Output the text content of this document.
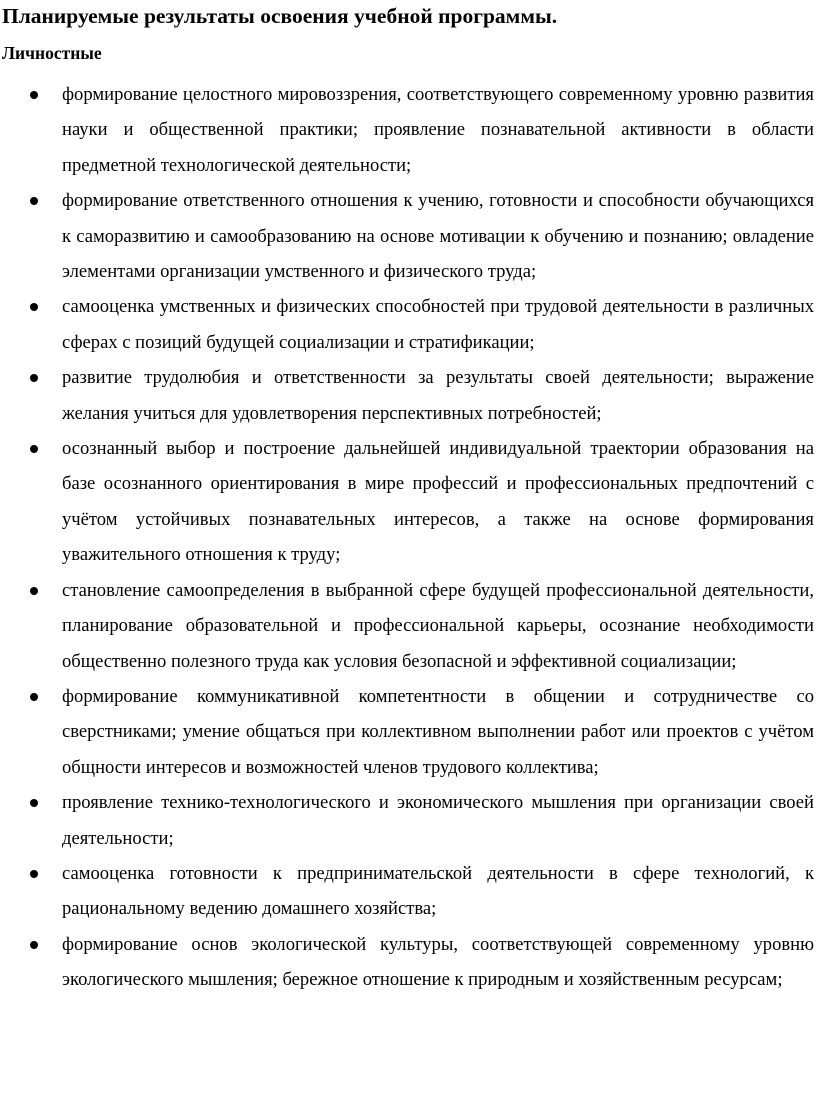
Планируемые результаты освоения учебной программы.
Личностные
формирование целостного мировоззрения, соответствующего современному уровню развития науки и общественной практики; проявление познавательной активности в области предметной технологической деятельности;
формирование ответственного отношения к учению, готовности и способности обучающихся к саморазвитию и самообразованию на основе мотивации к обучению и познанию; овладение элементами организации умственного и физического труда;
самооценка умственных и физических способностей при трудовой деятельности в различных сферах с позиций будущей социализации и стратификации;
развитие трудолюбия и ответственности за результаты своей деятельности; выражение желания учиться для удовлетворения перспективных потребностей;
осознанный выбор и построение дальнейшей индивидуальной траектории образования на базе осознанного ориентирования в мире профессий и профессиональных предпочтений с учётом устойчивых познавательных интересов, а также на основе формирования уважительного отношения к труду;
становление самоопределения в выбранной сфере будущей профессиональной деятельности, планирование образовательной и профессиональной карьеры, осознание необходимости общественно полезного труда как условия безопасной и эффективной социализации;
формирование коммуникативной компетентности в общении и сотрудничестве со сверстниками; умение общаться при коллективном выполнении работ или проектов с учётом общности интересов и возможностей членов трудового коллектива;
проявление технико-технологического и экономического мышления при организации своей деятельности;
самооценка готовности к предпринимательской деятельности в сфере технологий, к рациональному ведению домашнего хозяйства;
формирование основ экологической культуры, соответствующей современному уровню экологического мышления; бережное отношение к природным и хозяйственным ресурсам;
